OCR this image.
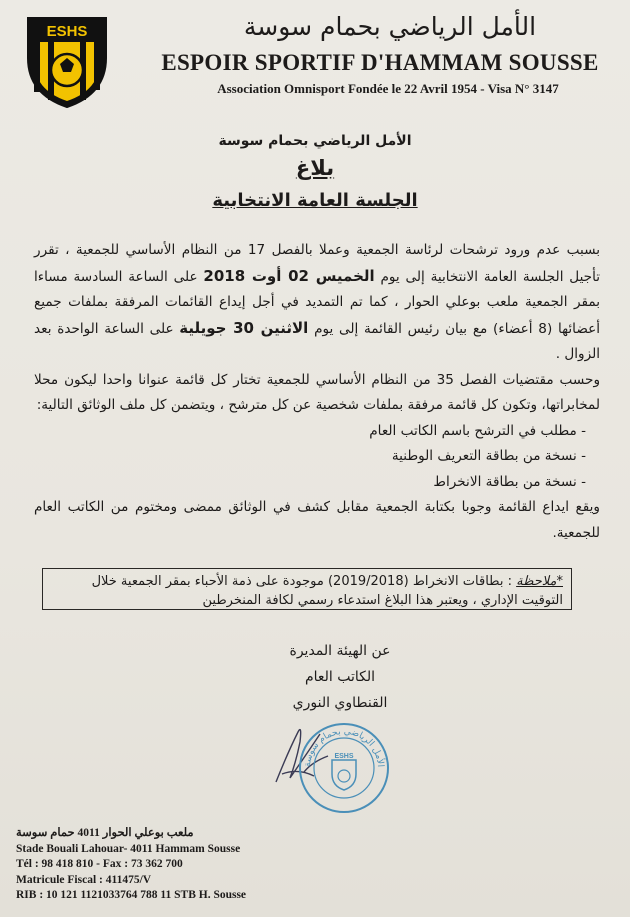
ESHS	الأمل الرياضي بحمام سوسة
ESPOIR SPORTIF D'HAMMAM SOUSSE
Association Omnisport Fondée le 22 Avril 1954 - Visa N° 3147
الأمل الرياضي بحمام سوسة
بلاغ
الجلسة العامة الانتخابية

بسبب عدم ورود ترشحات لرئاسة الجمعية وعملا بالفصل 17 من النظام الأساسي للجمعية ، تقرر تأجيل الجلسة العامة الانتخابية إلى يوم الخميس 02 أوت 2018 على الساعة السادسة مساءا بمقر الجمعية ملعب بوعلي الحوار ، كما تم التمديد في أجل إيداع القائمات المرفقة بملفات جميع أعضائها (8 أعضاء) مع بيان رئيس القائمة إلى يوم الاثنين 30 جويلية على الساعة الواحدة بعد الزوال .

وحسب مقتضيات الفصل 35 من النظام الأساسي للجمعية تختار كل قائمة عنوانا واحدا ليكون محلا لمخابراتها، وتكون كل قائمة مرفقة بملفات شخصية عن كل مترشح ، ويتضمن كل ملف الوثائق التالية:

- مطلب في الترشح باسم الكاتب العام
- نسخة من بطاقة التعريف الوطنية
- نسخة من بطاقة الانخراط

ويقع ايداع القائمة وجوبا بكتابة الجمعية مقابل كشف في الوثائق ممضى ومختوم من الكاتب العام للجمعية.

*ملاحظة : بطاقات الانخراط (2019/2018) موجودة على ذمة الأحباء بمقر الجمعية خلال التوقيت الإداري ، ويعتبر هذا البلاغ استدعاء رسمي لكافة المنخرطين
عن الهيئة المديرة
الكاتب العام
القنطاوي النوري
الأمل الرياضي بحمام سوسة
ESHS
ملعب بوعلي الحوار 4011 حمام سوسة
Stade Bouali Lahouar- 4011 Hammam Sousse
Tél : 98 418 810 - Fax : 73 362 700
Matricule Fiscal : 411475/V
RIB : 10 121 1121033764 788 11 STB H. Sousse
